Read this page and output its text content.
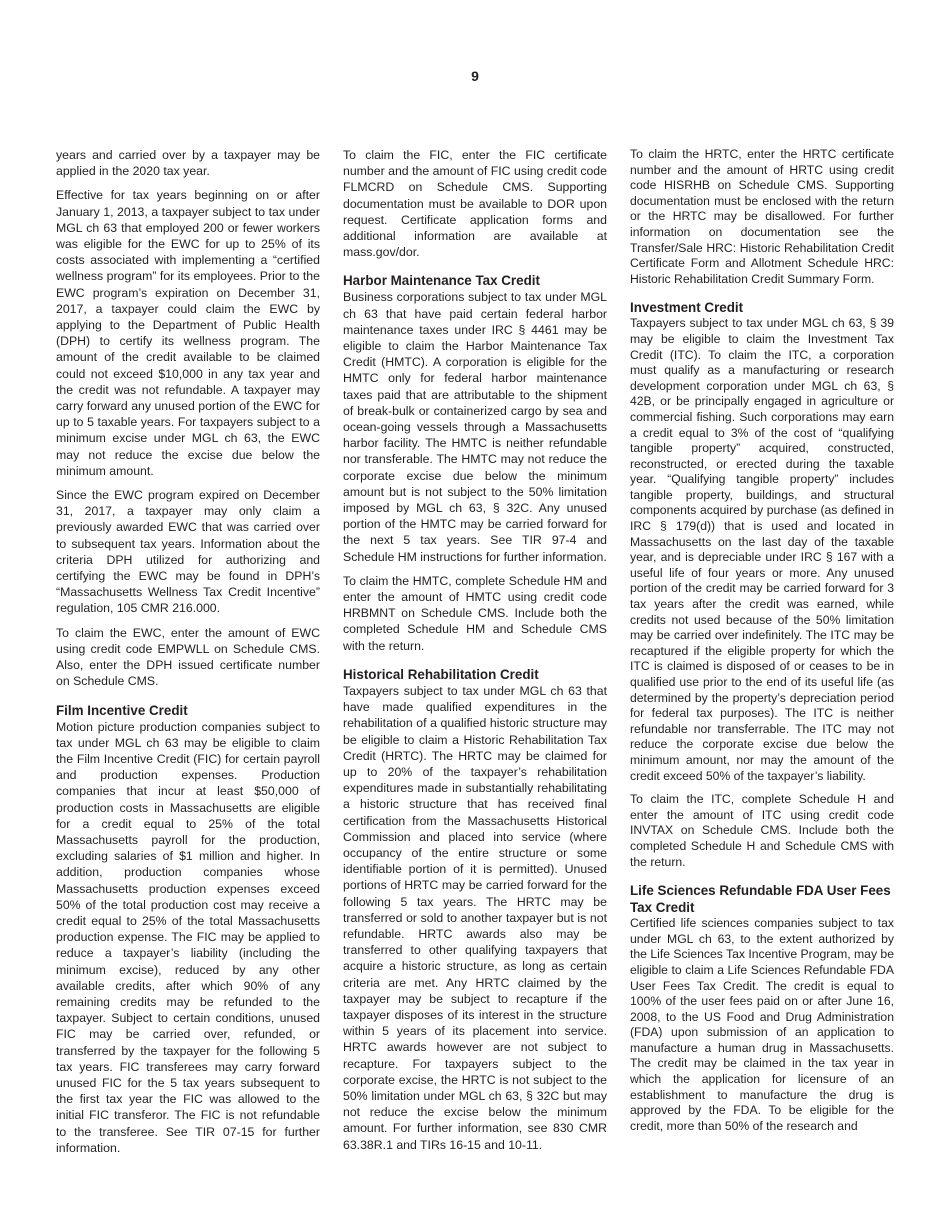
9

years and carried over by a taxpayer may be applied in the 2020 tax year.

Effective for tax years beginning on or after January 1, 2013, a taxpayer subject to tax under MGL ch 63 that employed 200 or fewer workers was eligible for the EWC for up to 25% of its costs associated with implementing a “certified wellness program” for its employees. Prior to the EWC program’s expiration on December 31, 2017, a taxpayer could claim the EWC by applying to the Department of Public Health (DPH) to certify its wellness program. The amount of the credit available to be claimed could not exceed $10,000 in any tax year and the credit was not refundable. A taxpayer may carry forward any unused portion of the EWC for up to 5 taxable years. For taxpayers subject to a minimum excise under MGL ch 63, the EWC may not reduce the excise due below the minimum amount.

Since the EWC program expired on December 31, 2017, a taxpayer may only claim a previously awarded EWC that was carried over to subsequent tax years. Information about the criteria DPH utilized for authorizing and certifying the EWC may be found in DPH’s “Massachusetts Wellness Tax Credit Incentive” regulation, 105 CMR 216.000.

To claim the EWC, enter the amount of EWC using credit code EMPWLL on Schedule CMS. Also, enter the DPH issued certificate number on Schedule CMS.

Film Incentive Credit

Motion picture production companies subject to tax under MGL ch 63 may be eligible to claim the Film Incentive Credit (FIC) for certain payroll and production expenses. Production companies that incur at least $50,000 of production costs in Massachusetts are eligible for a credit equal to 25% of the total Massachusetts payroll for the production, excluding salaries of $1 million and higher. In addition, production companies whose Massachusetts production expenses exceed 50% of the total production cost may receive a credit equal to 25% of the total Massachusetts production expense. The FIC may be applied to reduce a taxpayer’s liability (including the minimum excise), reduced by any other available credits, after which 90% of any remaining credits may be refunded to the taxpayer. Subject to certain conditions, unused FIC may be carried over, refunded, or transferred by the taxpayer for the following 5 tax years. FIC transferees may carry forward unused FIC for the 5 tax years subsequent to the first tax year the FIC was allowed to the initial FIC transferor. The FIC is not refundable to the transferee. See TIR 07-15 for further information.

To claim the FIC, enter the FIC certificate number and the amount of FIC using credit code FLMCRD on Schedule CMS. Supporting documentation must be available to DOR upon request. Certificate application forms and additional information are available at mass.gov/dor.

Harbor Maintenance Tax Credit

Business corporations subject to tax under MGL ch 63 that have paid certain federal harbor maintenance taxes under IRC § 4461 may be eligible to claim the Harbor Maintenance Tax Credit (HMTC). A corporation is eligible for the HMTC only for federal harbor maintenance taxes paid that are attributable to the shipment of break-bulk or containerized cargo by sea and ocean-going vessels through a Massachusetts harbor facility. The HMTC is neither refundable nor transferable. The HMTC may not reduce the corporate excise due below the minimum amount but is not subject to the 50% limitation imposed by MGL ch 63, § 32C. Any unused portion of the HMTC may be carried forward for the next 5 tax years. See TIR 97-4 and Schedule HM instructions for further information.

To claim the HMTC, complete Schedule HM and enter the amount of HMTC using credit code HRBMNT on Schedule CMS. Include both the completed Schedule HM and Schedule CMS with the return.

Historical Rehabilitation Credit

Taxpayers subject to tax under MGL ch 63 that have made qualified expenditures in the rehabilitation of a qualified historic structure may be eligible to claim a Historic Rehabilitation Tax Credit (HRTC). The HRTC may be claimed for up to 20% of the taxpayer’s rehabilitation expenditures made in substantially rehabilitating a historic structure that has received final certification from the Massachusetts Historical Commission and placed into service (where occupancy of the entire structure or some identifiable portion of it is permitted). Unused portions of HRTC may be carried forward for the following 5 tax years. The HRTC may be transferred or sold to another taxpayer but is not refundable. HRTC awards also may be transferred to other qualifying taxpayers that acquire a historic structure, as long as certain criteria are met. Any HRTC claimed by the taxpayer may be subject to recapture if the taxpayer disposes of its interest in the structure within 5 years of its placement into service. HRTC awards however are not subject to recapture. For taxpayers subject to the corporate excise, the HRTC is not subject to the 50% limitation under MGL ch 63, § 32C but may not reduce the excise below the minimum amount. For further information, see 830 CMR 63.38R.1 and TIRs 16-15 and 10-11.

To claim the HRTC, enter the HRTC certificate number and the amount of HRTC using credit code HISRHB on Schedule CMS. Supporting documentation must be enclosed with the return or the HRTC may be disallowed. For further information on documentation see the Transfer/Sale HRC: Historic Rehabilitation Credit Certificate Form and Allotment Schedule HRC: Historic Rehabilitation Credit Summary Form.

Investment Credit

Taxpayers subject to tax under MGL ch 63, § 39 may be eligible to claim the Investment Tax Credit (ITC). To claim the ITC, a corporation must qualify as a manufacturing or research development corporation under MGL ch 63, § 42B, or be principally engaged in agriculture or commercial fishing. Such corporations may earn a credit equal to 3% of the cost of “qualifying tangible property” acquired, constructed, reconstructed, or erected during the taxable year. “Qualifying tangible property” includes tangible property, buildings, and structural components acquired by purchase (as defined in IRC § 179(d)) that is used and located in Massachusetts on the last day of the taxable year, and is depreciable under IRC § 167 with a useful life of four years or more. Any unused portion of the credit may be carried forward for 3 tax years after the credit was earned, while credits not used because of the 50% limitation may be carried over indefinitely. The ITC may be recaptured if the eligible property for which the ITC is claimed is disposed of or ceases to be in qualified use prior to the end of its useful life (as determined by the property’s depreciation period for federal tax purposes). The ITC is neither refundable nor transferrable. The ITC may not reduce the corporate excise due below the minimum amount, nor may the amount of the credit exceed 50% of the taxpayer’s liability.

To claim the ITC, complete Schedule H and enter the amount of ITC using credit code INVTAX on Schedule CMS. Include both the completed Schedule H and Schedule CMS with the return.

Life Sciences Refundable FDA User Fees Tax Credit

Certified life sciences companies subject to tax under MGL ch 63, to the extent authorized by the Life Sciences Tax Incentive Program, may be eligible to claim a Life Sciences Refundable FDA User Fees Tax Credit. The credit is equal to 100% of the user fees paid on or after June 16, 2008, to the US Food and Drug Administration (FDA) upon submission of an application to manufacture a human drug in Massachusetts. The credit may be claimed in the tax year in which the application for licensure of an establishment to manufacture the drug is approved by the FDA. To be eligible for the credit, more than 50% of the research and
